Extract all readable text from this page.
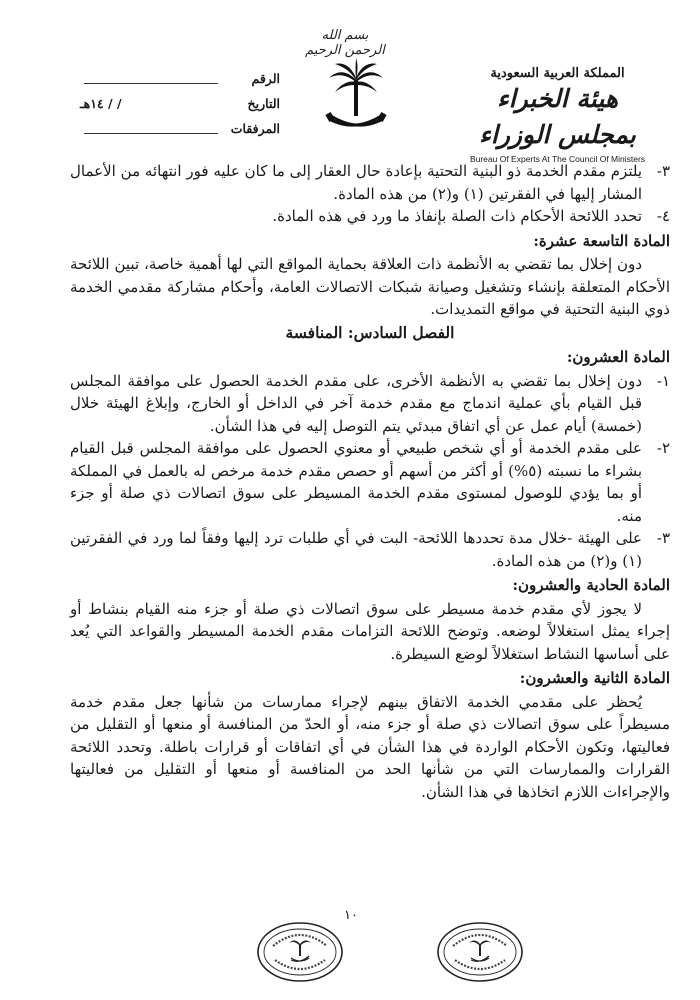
بسم الله الرحمن الرحيم
الرقم
التاريخ
/ / ١٤هـ
المرفقات
المملكة العربية السعودية
هيئة الخبراء بمجلس الوزراء
Bureau Of Experts At The Council Of Ministers
٣-
يلتزم مقدم الخدمة ذو البنية التحتية بإعادة حال العقار إلى ما كان عليه فور انتهائه من الأعمال المشار إليها في الفقرتين (١) و(٢) من هذه المادة.
٤-
تحدد اللائحة الأحكام ذات الصلة بإنفاذ ما ورد في هذه المادة.
المادة التاسعة عشرة:
دون إخلال بما تقضي به الأنظمة ذات العلاقة بحماية المواقع التي لها أهمية خاصة، تبين اللائحة الأحكام المتعلقة بإنشاء وتشغيل وصيانة شبكات الاتصالات العامة، وأحكام مشاركة مقدمي الخدمة ذوي البنية التحتية في مواقع التمديدات.
الفصل السادس: المنافسة
المادة العشرون:
١-
دون إخلال بما تقضي به الأنظمة الأخرى، على مقدم الخدمة الحصول على موافقة المجلس قبل القيام بأي عملية اندماج مع مقدم خدمة آخر في الداخل أو الخارج، وإبلاغ الهيئة خلال (خمسة) أيام عمل عن أي اتفاق مبدئي يتم التوصل إليه في هذا الشأن.
٢-
على مقدم الخدمة أو أي شخص طبيعي أو معنوي الحصول على موافقة المجلس قبل القيام بشراء ما نسبته (٥%) أو أكثر من أسهم أو حصص مقدم خدمة مرخص له بالعمل في المملكة أو بما يؤدي للوصول لمستوى مقدم الخدمة المسيطر على سوق اتصالات ذي صلة أو جزء منه.
٣-
على الهيئة -خلال مدة تحددها اللائحة- البت في أي طلبات ترد إليها وفقاً لما ورد في الفقرتين (١) و(٢) من هذه المادة.
المادة الحادية والعشرون:
لا يجوز لأي مقدم خدمة مسيطر على سوق اتصالات ذي صلة أو جزء منه القيام بنشاط أو إجراء يمثل استغلالاً لوضعه. وتوضح اللائحة التزامات مقدم الخدمة المسيطر والقواعد التي يُعد على أساسها النشاط استغلالاً لوضع السيطرة.
المادة الثانية والعشرون:
يُحظر على مقدمي الخدمة الاتفاق بينهم لإجراء ممارسات من شأنها جعل مقدم خدمة مسيطراً على سوق اتصالات ذي صلة أو جزء منه، أو الحدّ من المنافسة أو منعها أو التقليل من فعاليتها، وتكون الأحكام الواردة في هذا الشأن في أي اتفاقات أو قرارات باطلة. وتحدد اللائحة القرارات والممارسات التي من شأنها الحد من المنافسة أو منعها أو التقليل من فعاليتها والإجراءات اللازم اتخاذها في هذا الشأن.
١٠
